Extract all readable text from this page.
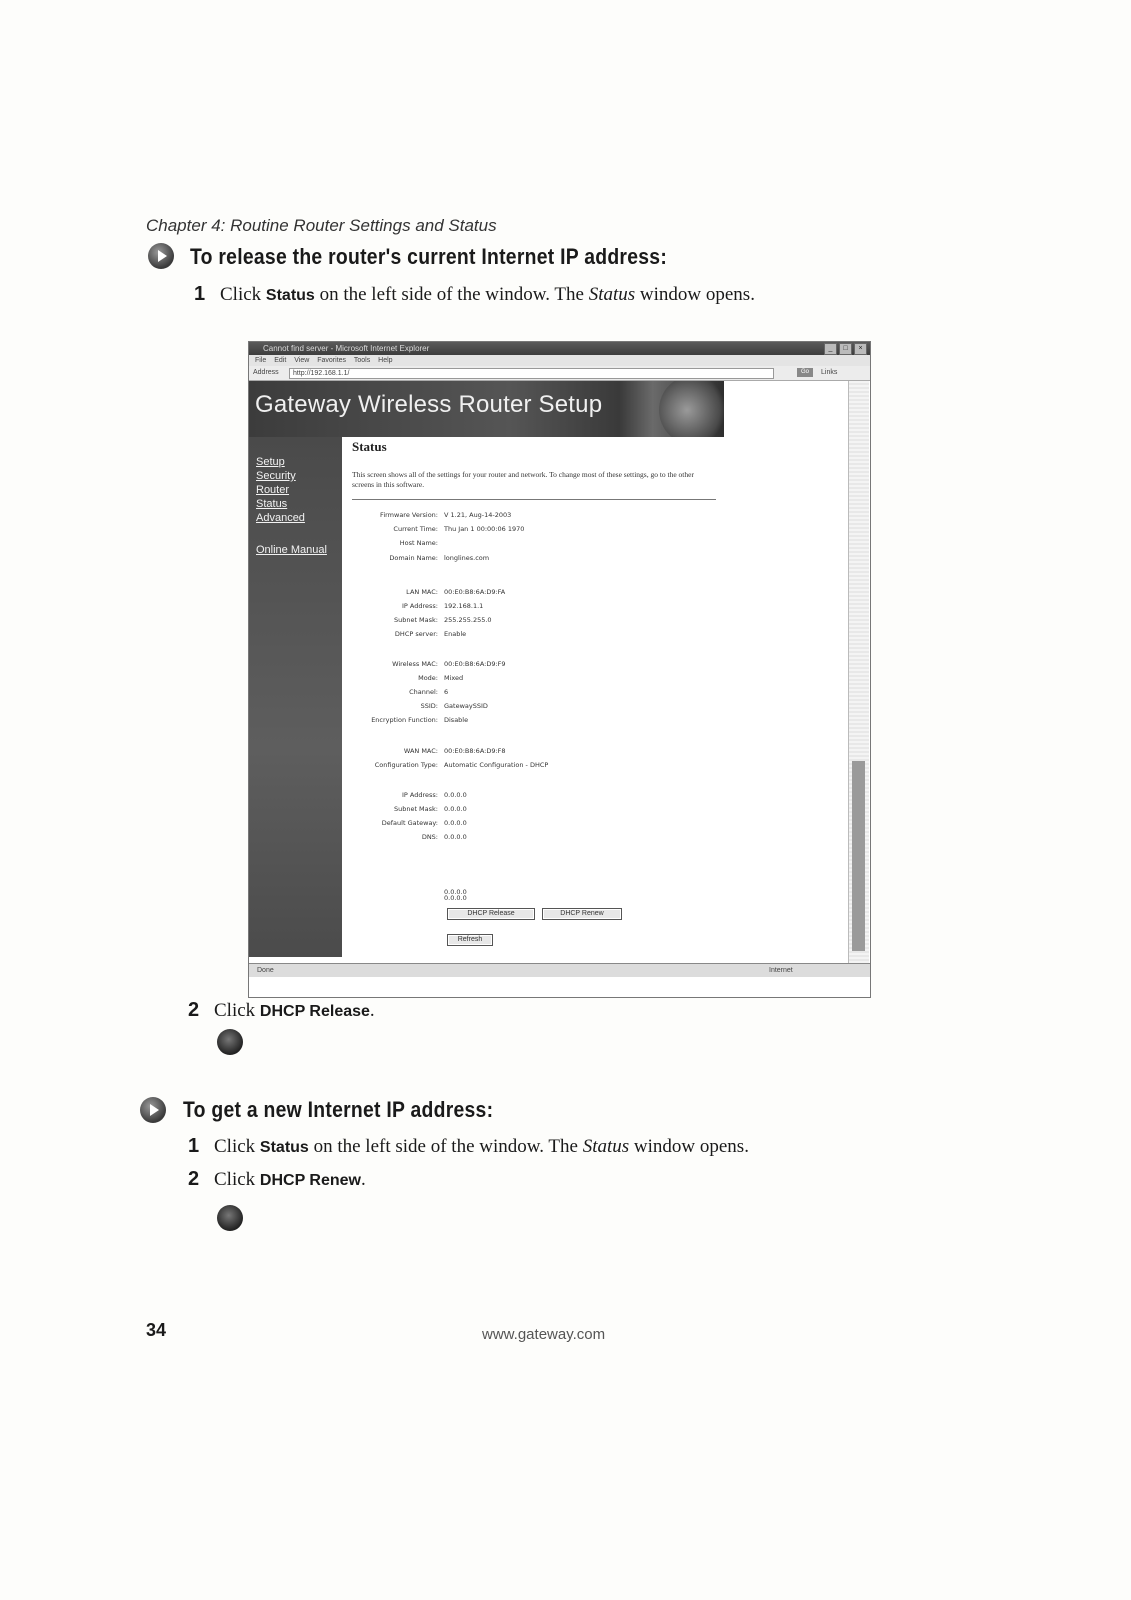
Chapter 4: Routine Router Settings and Status
To release the router's current Internet IP address:
1 Click Status on the left side of the window. The Status window opens.
Cannot find server - Microsoft Internet Explorer	_	□	×
File Edit View Favorites Tools Help
Address	http://192.168.1.1/	Go	Links
Gateway Wireless Router Setup
Setup
Security
Router
Status
Advanced
Online Manual
Status
This screen shows all of the settings for your router and network. To change most of these settings, go to the other screens in this software.
Firmware Version: V 1.21, Aug-14-2003
Current Time: Thu Jan 1 00:00:06 1970
Host Name:
Domain Name: longlines.com
LAN MAC: 00:E0:B8:6A:D9:FA
IP Address: 192.168.1.1
Subnet Mask: 255.255.255.0
DHCP server: Enable
Wireless MAC: 00:E0:B8:6A:D9:F9
Mode: Mixed
Channel: 6
SSID: GatewaySSID
Encryption Function: Disable
WAN MAC: 00:E0:B8:6A:D9:F8
Configuration Type: Automatic Configuration - DHCP
IP Address: 0.0.0.0
Subnet Mask: 0.0.0.0
Default Gateway: 0.0.0.0
DNS: 0.0.0.0
0.0.0.0
0.0.0.0
DHCP Release	DHCP Renew
Refresh
Done	Internet
2 Click DHCP Release.
To get a new Internet IP address:
1 Click Status on the left side of the window. The Status window opens.
2 Click DHCP Renew.
34	www.gateway.com
